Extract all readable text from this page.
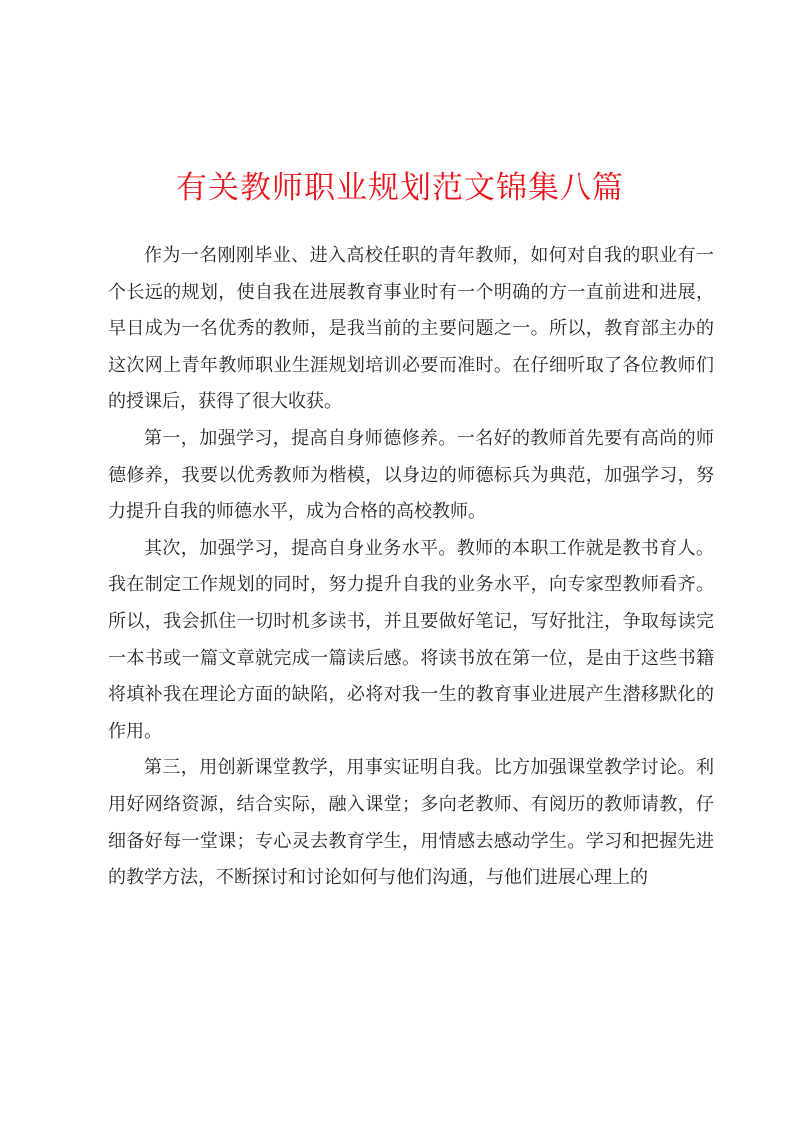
有关教师职业规划范文锦集八篇

作为一名刚刚毕业、进入高校任职的青年教师，如何对自我的职业有一个长远的规划，使自我在进展教育事业时有一个明确的方一直前进和进展，早日成为一名优秀的教师，是我当前的主要问题之一。所以，教育部主办的这次网上青年教师职业生涯规划培训必要而准时。在仔细听取了各位教师们的授课后，获得了很大收获。

第一，加强学习，提高自身师德修养。一名好的教师首先要有高尚的师德修养，我要以优秀教师为楷模，以身边的师德标兵为典范，加强学习，努力提升自我的师德水平，成为合格的高校教师。

其次，加强学习，提高自身业务水平。教师的本职工作就是教书育人。我在制定工作规划的同时，努力提升自我的业务水平，向专家型教师看齐。所以，我会抓住一切时机多读书，并且要做好笔记，写好批注，争取每读完一本书或一篇文章就完成一篇读后感。将读书放在第一位，是由于这些书籍将填补我在理论方面的缺陷，必将对我一生的教育事业进展产生潜移默化的作用。

第三，用创新课堂教学，用事实证明自我。比方加强课堂教学讨论。利用好网络资源，结合实际，融入课堂；多向老教师、有阅历的教师请教，仔细备好每一堂课；专心灵去教育学生，用情感去感动学生。学习和把握先进的教学方法，不断探讨和讨论如何与他们沟通，与他们进展心理上的
